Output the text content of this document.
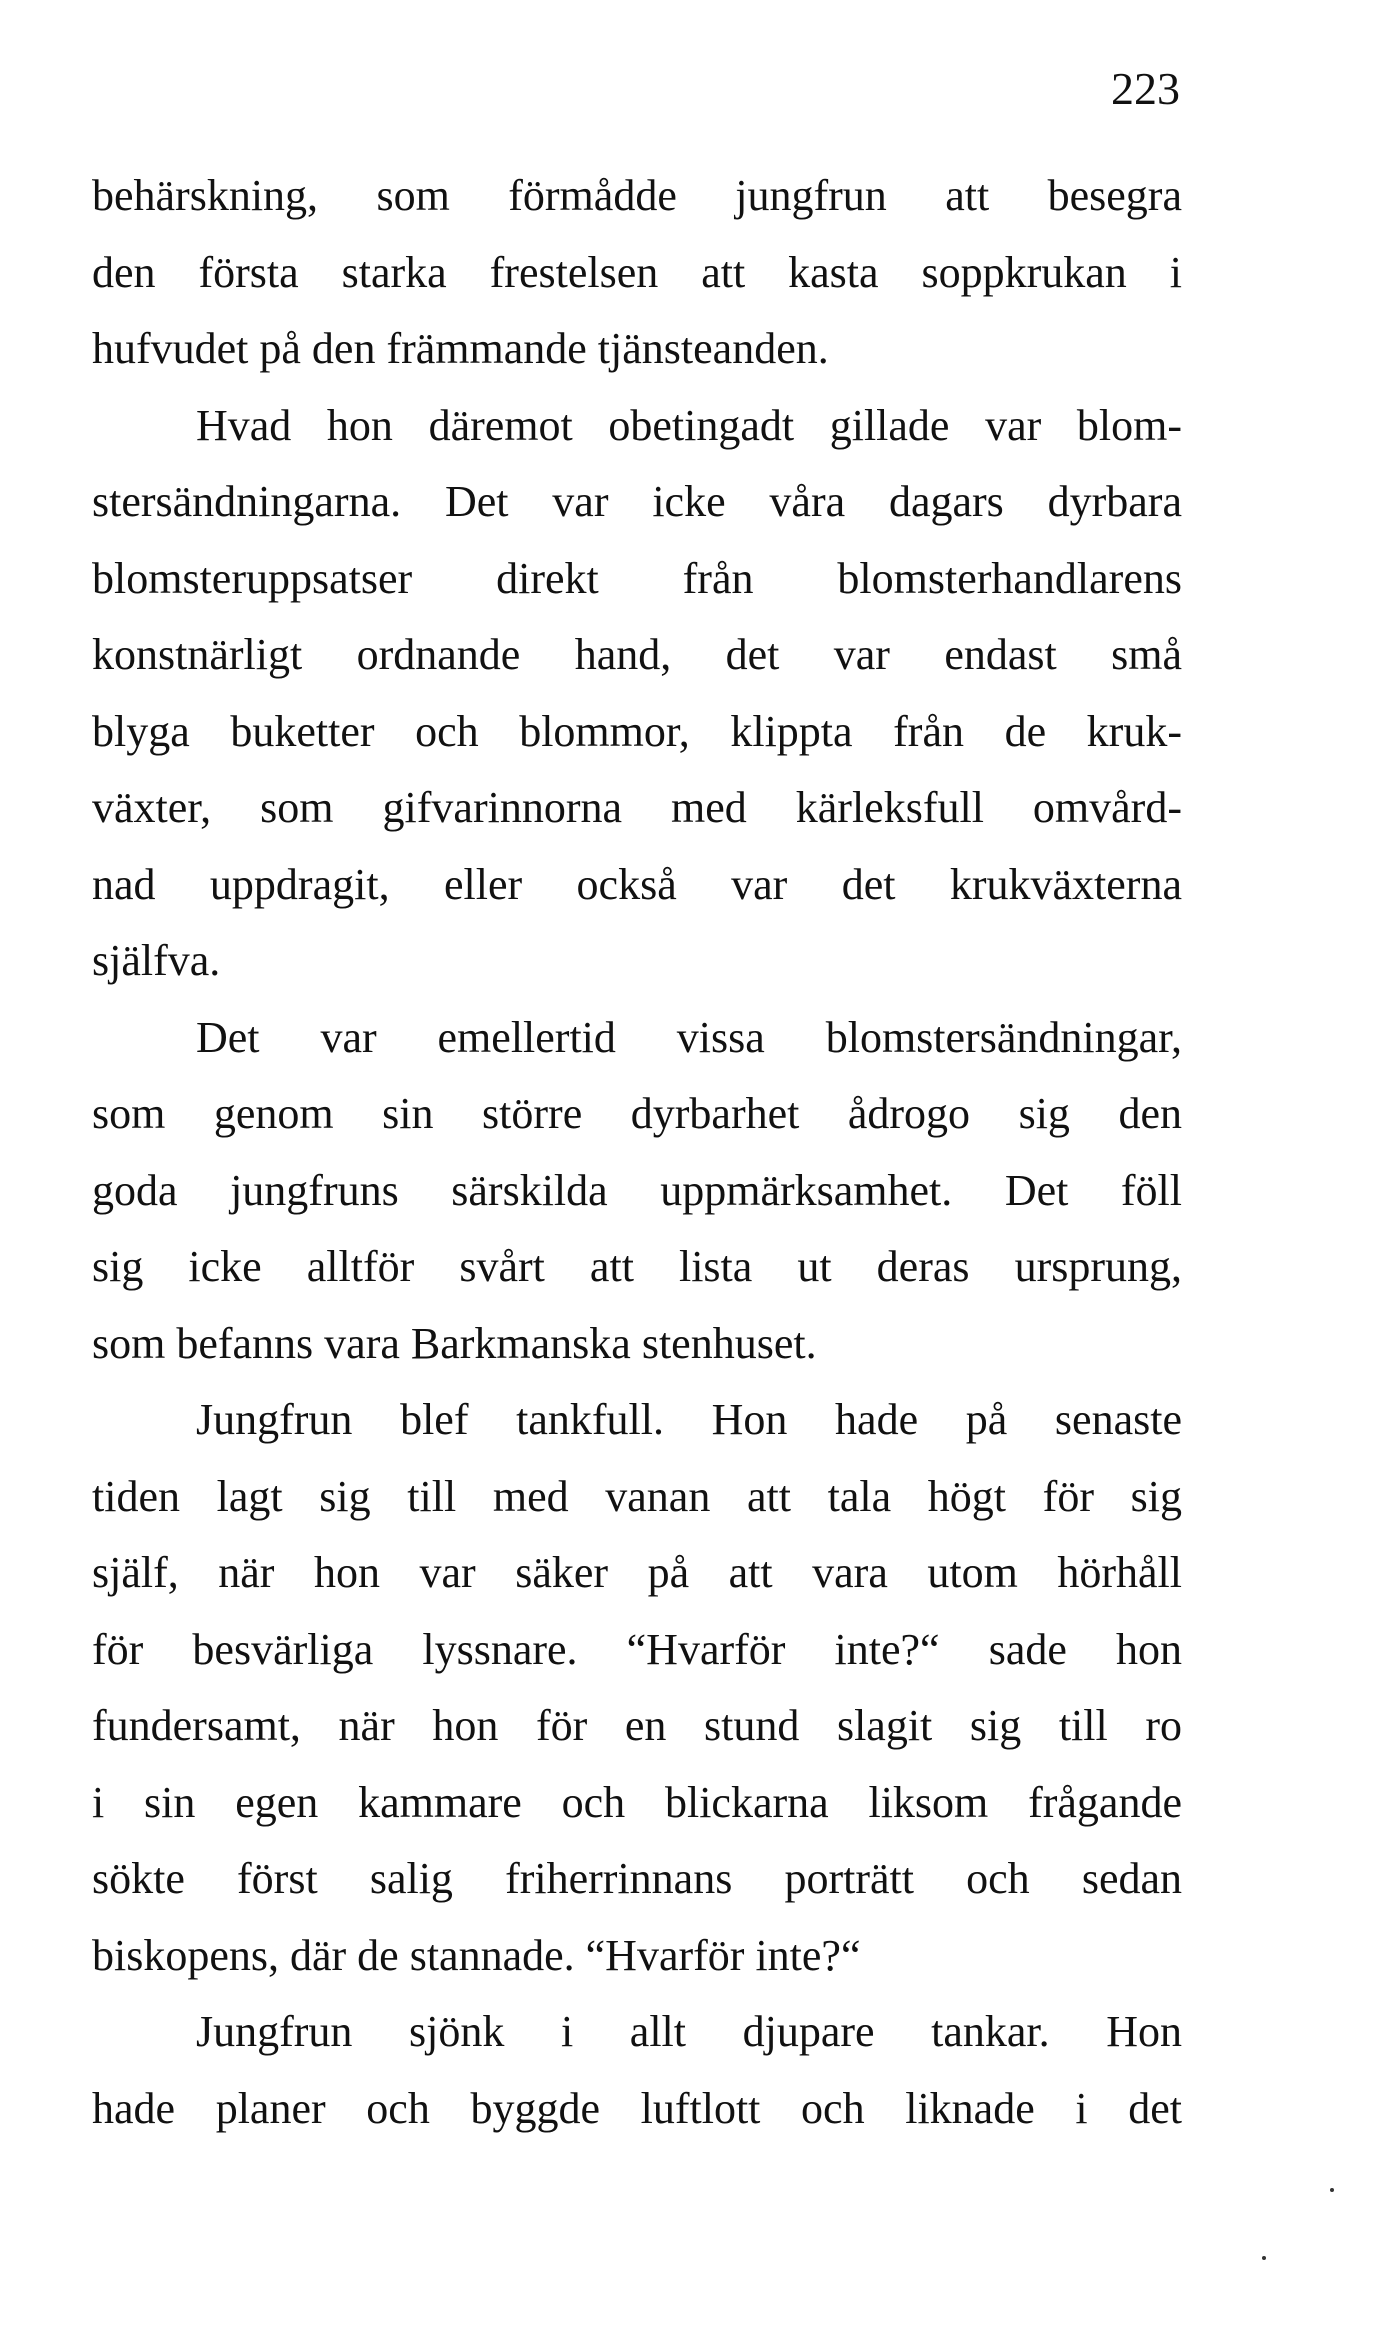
223
behärskning, som förmådde jungfrun att besegra
den första starka frestelsen att kasta soppkrukan i
hufvudet på den främmande tjänsteanden.
Hvad hon däremot obetingadt gillade var blom-
stersändningarna. Det var icke våra dagars dyrbara
blomsteruppsatser direkt från blomsterhandlarens
konstnärligt ordnande hand, det var endast små
blyga buketter och blommor, klippta från de kruk-
växter, som gifvarinnorna med kärleksfull omvård-
nad uppdragit, eller också var det krukväxterna
själfva.
Det var emellertid vissa blomstersändningar,
som genom sin större dyrbarhet ådrogo sig den
goda jungfruns särskilda uppmärksamhet. Det föll
sig icke alltför svårt att lista ut deras ursprung,
som befanns vara Barkmanska stenhuset.
Jungfrun blef tankfull. Hon hade på senaste
tiden lagt sig till med vanan att tala högt för sig
själf, när hon var säker på att vara utom hörhåll
för besvärliga lyssnare. “Hvarför inte?“ sade hon
fundersamt, när hon för en stund slagit sig till ro
i sin egen kammare och blickarna liksom frågande
sökte först salig friherrinnans porträtt och sedan
biskopens, där de stannade. “Hvarför inte?“
Jungfrun sjönk i allt djupare tankar. Hon
hade planer och byggde luftlott och liknade i det
